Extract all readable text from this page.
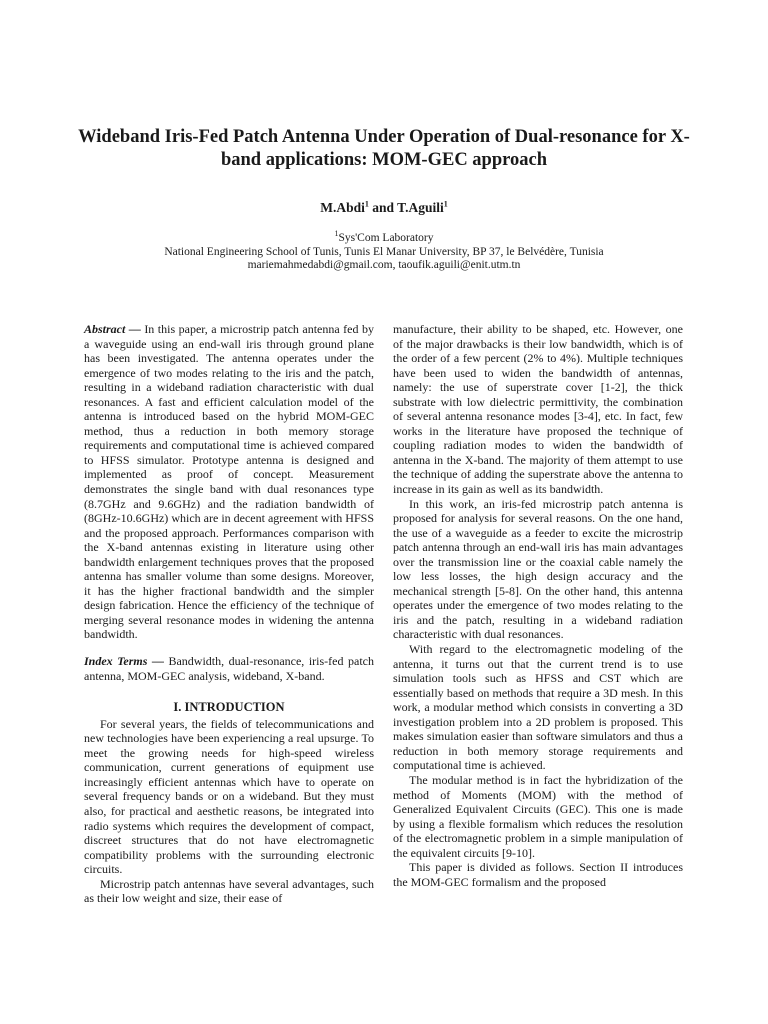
Wideband Iris-Fed Patch Antenna Under Operation of Dual-resonance for X-band applications: MOM-GEC approach

M.Abdi$^1$ and T.Aguili$^1$

$^1$Sys'Com Laboratory
National Engineering School of Tunis, Tunis El Manar University, BP 37, le Belvédère, Tunisia
mariemahmedabdi@gmail.com, taoufik.aguili@enit.utm.tn

Abstract — In this paper, a microstrip patch antenna fed by a waveguide using an end-wall iris through ground plane has been investigated. The antenna operates under the emergence of two modes relating to the iris and the patch, resulting in a wideband radiation characteristic with dual resonances. A fast and efficient calculation model of the antenna is introduced based on the hybrid MOM-GEC method, thus a reduction in both memory storage requirements and computational time is achieved compared to HFSS simulator. Prototype antenna is designed and implemented as proof of concept. Measurement demonstrates the single band with dual resonances type (8.7GHz and 9.6GHz) and the radiation bandwidth of (8GHz-10.6GHz) which are in decent agreement with HFSS and the proposed approach. Performances comparison with the X-band antennas existing in literature using other bandwidth enlargement techniques proves that the proposed antenna has smaller volume than some designs. Moreover, it has the higher fractional bandwidth and the simpler design fabrication. Hence the efficiency of the technique of merging several resonance modes in widening the antenna bandwidth.

Index Terms — Bandwidth, dual-resonance, iris-fed patch antenna, MOM-GEC analysis, wideband, X-band.

I. INTRODUCTION

For several years, the fields of telecommunications and new technologies have been experiencing a real upsurge. To meet the growing needs for high-speed wireless communication, current generations of equipment use increasingly efficient antennas which have to operate on several frequency bands or on a wideband. But they must also, for practical and aesthetic reasons, be integrated into radio systems which requires the development of compact, discreet structures that do not have electromagnetic compatibility problems with the surrounding electronic circuits.

Microstrip patch antennas have several advantages, such as their low weight and size, their ease of

manufacture, their ability to be shaped, etc. However, one of the major drawbacks is their low bandwidth, which is of the order of a few percent (2% to 4%). Multiple techniques have been used to widen the bandwidth of antennas, namely: the use of superstrate cover [1-2], the thick substrate with low dielectric permittivity, the combination of several antenna resonance modes [3-4], etc. In fact, few works in the literature have proposed the technique of coupling radiation modes to widen the bandwidth of antenna in the X-band. The majority of them attempt to use the technique of adding the superstrate above the antenna to increase in its gain as well as its bandwidth.

In this work, an iris-fed microstrip patch antenna is proposed for analysis for several reasons. On the one hand, the use of a waveguide as a feeder to excite the microstrip patch antenna through an end-wall iris has main advantages over the transmission line or the coaxial cable namely the low less losses, the high design accuracy and the mechanical strength [5-8]. On the other hand, this antenna operates under the emergence of two modes relating to the iris and the patch, resulting in a wideband radiation characteristic with dual resonances.

With regard to the electromagnetic modeling of the antenna, it turns out that the current trend is to use simulation tools such as HFSS and CST which are essentially based on methods that require a 3D mesh. In this work, a modular method which consists in converting a 3D investigation problem into a 2D problem is proposed. This makes simulation easier than software simulators and thus a reduction in both memory storage requirements and computational time is achieved.

The modular method is in fact the hybridization of the method of Moments (MOM) with the method of Generalized Equivalent Circuits (GEC). This one is made by using a flexible formalism which reduces the resolution of the electromagnetic problem in a simple manipulation of the equivalent circuits [9-10].

This paper is divided as follows. Section II introduces the MOM-GEC formalism and the proposed
